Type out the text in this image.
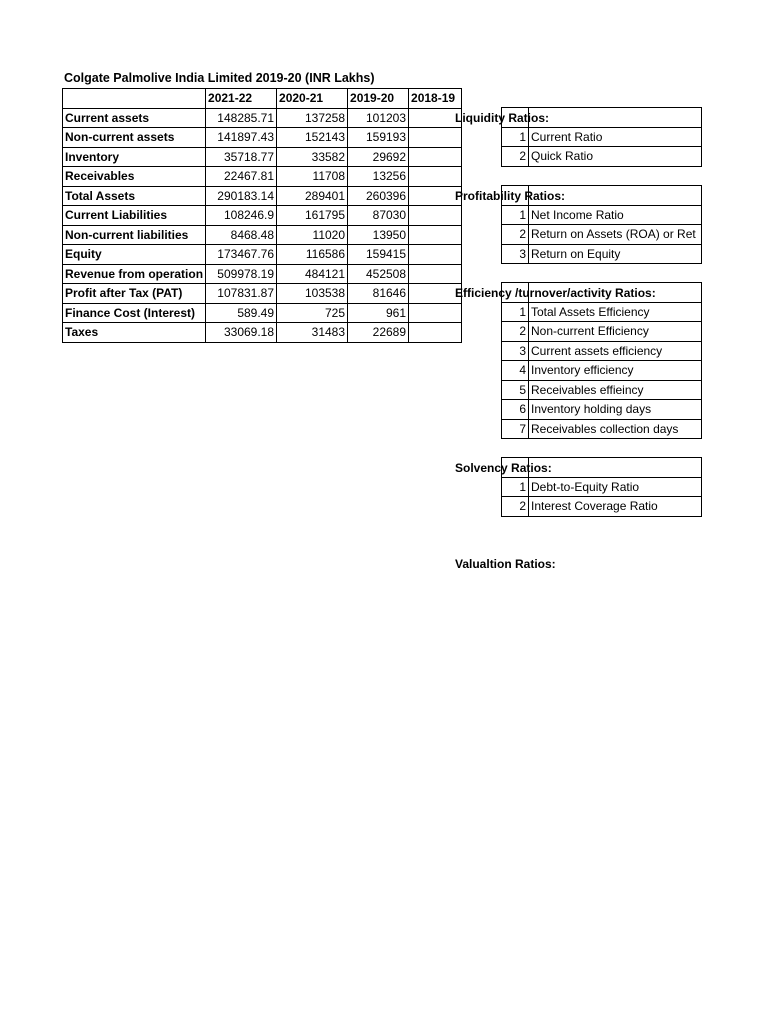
Colgate Palmolive India Limited 2019-20 (INR Lakhs)
	2021-22	2020-21	2019-20	2018-19
Current assets	148285.71	137258	101203	
Non-current assets	141897.43	152143	159193	
Inventory	35718.77	33582	29692	
Receivables	22467.81	11708	13256	
Total Assets	290183.14	289401	260396	
Current Liabilities	108246.9	161795	87030	
Non-current liabilities	8468.48	11020	13950	
Equity	173467.76	116586	159415	
Revenue from operation	509978.19	484121	452508	
Profit after Tax (PAT)	107831.87	103538	81646	
Finance Cost (Interest)	589.49	725	961	
Taxes	33069.18	31483	22689	
Liquidity Ratios:

1	Current Ratio
2	Quick Ratio
Profitability Ratios:

1	Net Income Ratio
2	Return on Assets (ROA) or Ret
3	Return on Equity
Efficiency /turnover/activity Ratios:

1	Total Assets Efficiency
2	Non-current Efficiency
3	Current assets efficiency
4	Inventory efficiency
5	Receivables effieincy
6	Inventory holding days
7	Receivables collection days
Solvency Ratios:

1	Debt-to-Equity Ratio
2	Interest Coverage Ratio
Valualtion Ratios:
